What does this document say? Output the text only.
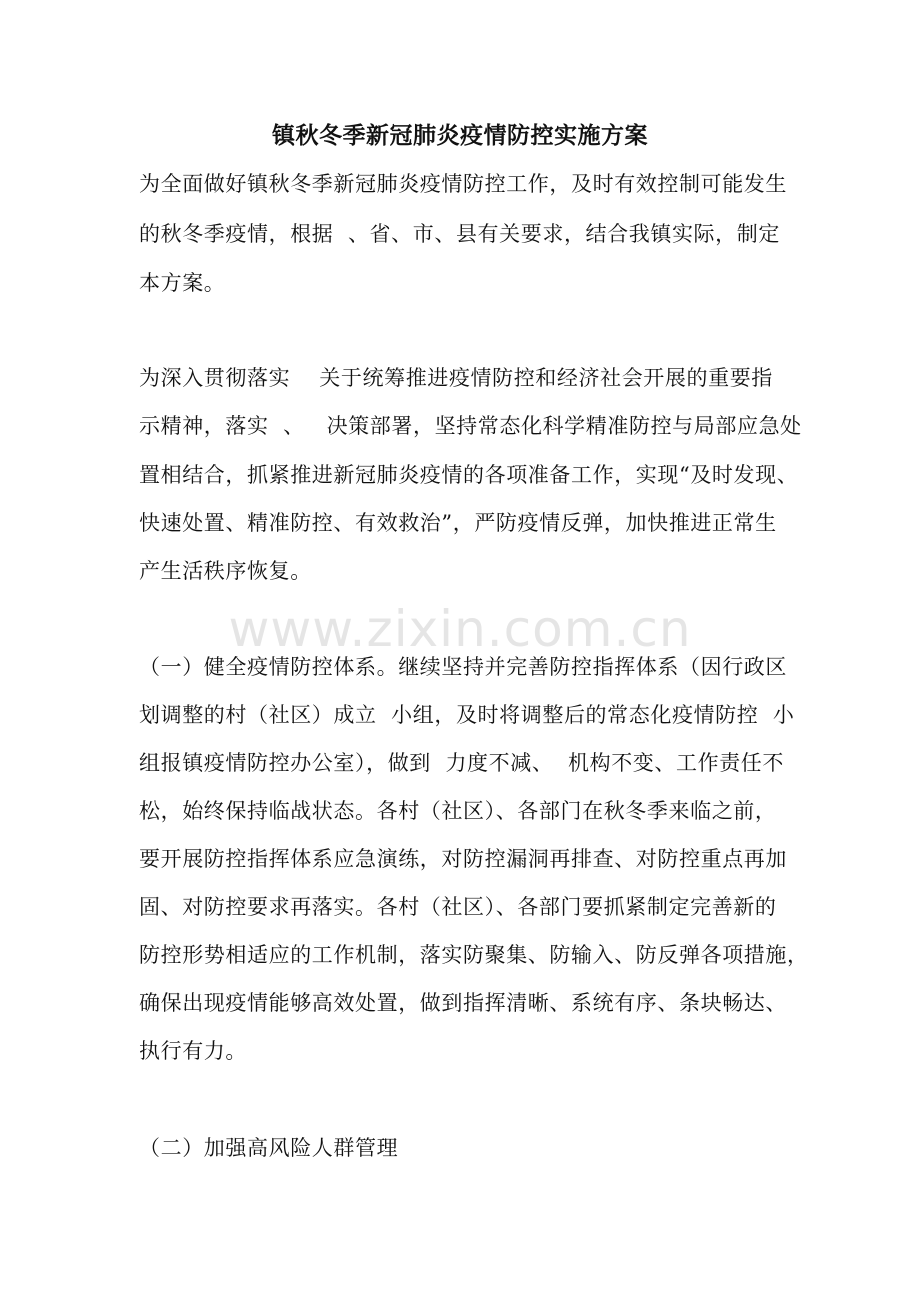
www.zixin.com.cn
镇秋冬季新冠肺炎疫情防控实施方案
为全面做好镇秋冬季新冠肺炎疫情防控工作，及时有效控制可能发生
的秋冬季疫情，根据  、省、市、县有关要求，结合我镇实际，制定
本方案。
为深入贯彻落实    关于统筹推进疫情防控和经济社会开展的重要指
示精神，落实  、   决策部署，坚持常态化科学精准防控与局部应急处
置相结合，抓紧推进新冠肺炎疫情的各项准备工作，实现“及时发现、
快速处置、精准防控、有效救治”，严防疫情反弹，加快推进正常生
产生活秩序恢复。
（一）健全疫情防控体系。继续坚持并完善防控指挥体系（因行政区
划调整的村（社区）成立  小组，及时将调整后的常态化疫情防控  小
组报镇疫情防控办公室），做到  力度不减、  机构不变、工作责任不
松，始终保持临战状态。各村（社区）、各部门在秋冬季来临之前，
要开展防控指挥体系应急演练，对防控漏洞再排查、对防控重点再加
固、对防控要求再落实。各村（社区）、各部门要抓紧制定完善新的
防控形势相适应的工作机制，落实防聚集、防输入、防反弹各项措施，
确保出现疫情能够高效处置，做到指挥清晰、系统有序、条块畅达、
执行有力。
（二）加强高风险人群管理
